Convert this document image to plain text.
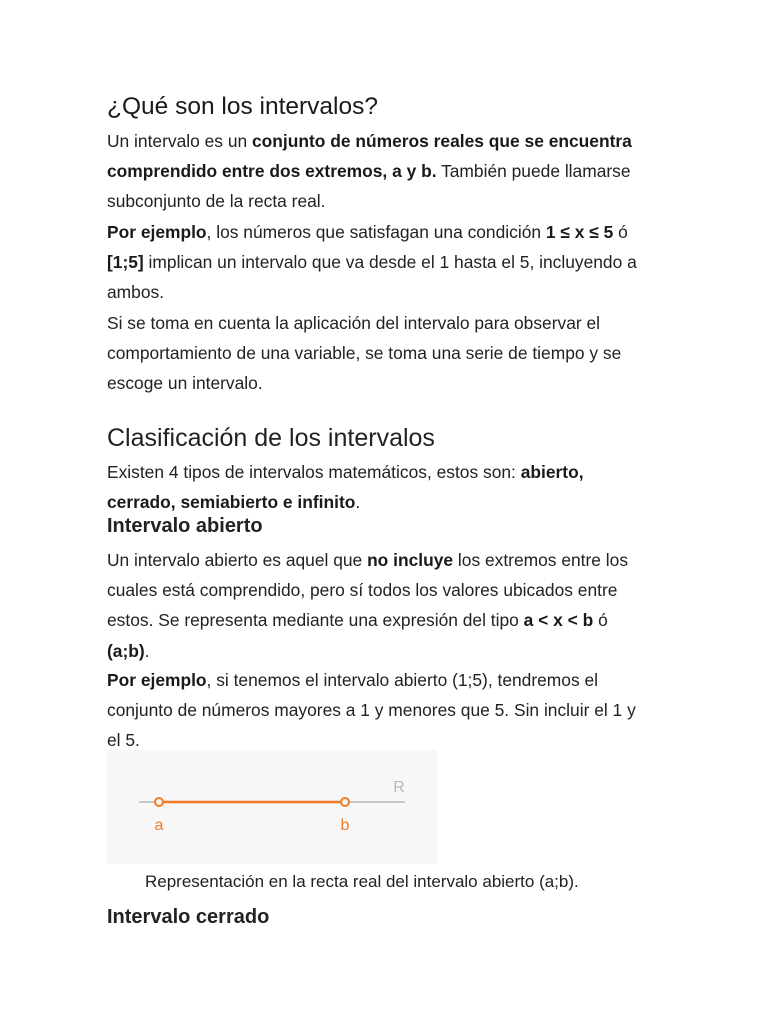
¿Qué son los intervalos?

Un intervalo es un conjunto de números reales que se encuentra comprendido entre dos extremos, a y b. También puede llamarse subconjunto de la recta real.

Por ejemplo, los números que satisfagan una condición 1 ≤ x ≤ 5 ó [1;5] implican un intervalo que va desde el 1 hasta el 5, incluyendo a ambos.

Si se toma en cuenta la aplicación del intervalo para observar el comportamiento de una variable, se toma una serie de tiempo y se escoge un intervalo.

Clasificación de los intervalos

Existen 4 tipos de intervalos matemáticos, estos son: abierto, cerrado, semiabierto e infinito.

Intervalo abierto

Un intervalo abierto es aquel que no incluye los extremos entre los cuales está comprendido, pero sí todos los valores ubicados entre estos. Se representa mediante una expresión del tipo a < x < b ó (a;b).

Por ejemplo, si tenemos el intervalo abierto (1;5), tendremos el conjunto de números mayores a 1 y menores que 5. Sin incluir el 1 y el 5.

Intervalo cerrado
a	b
R
Representación en la recta real del intervalo abierto (a;b).
